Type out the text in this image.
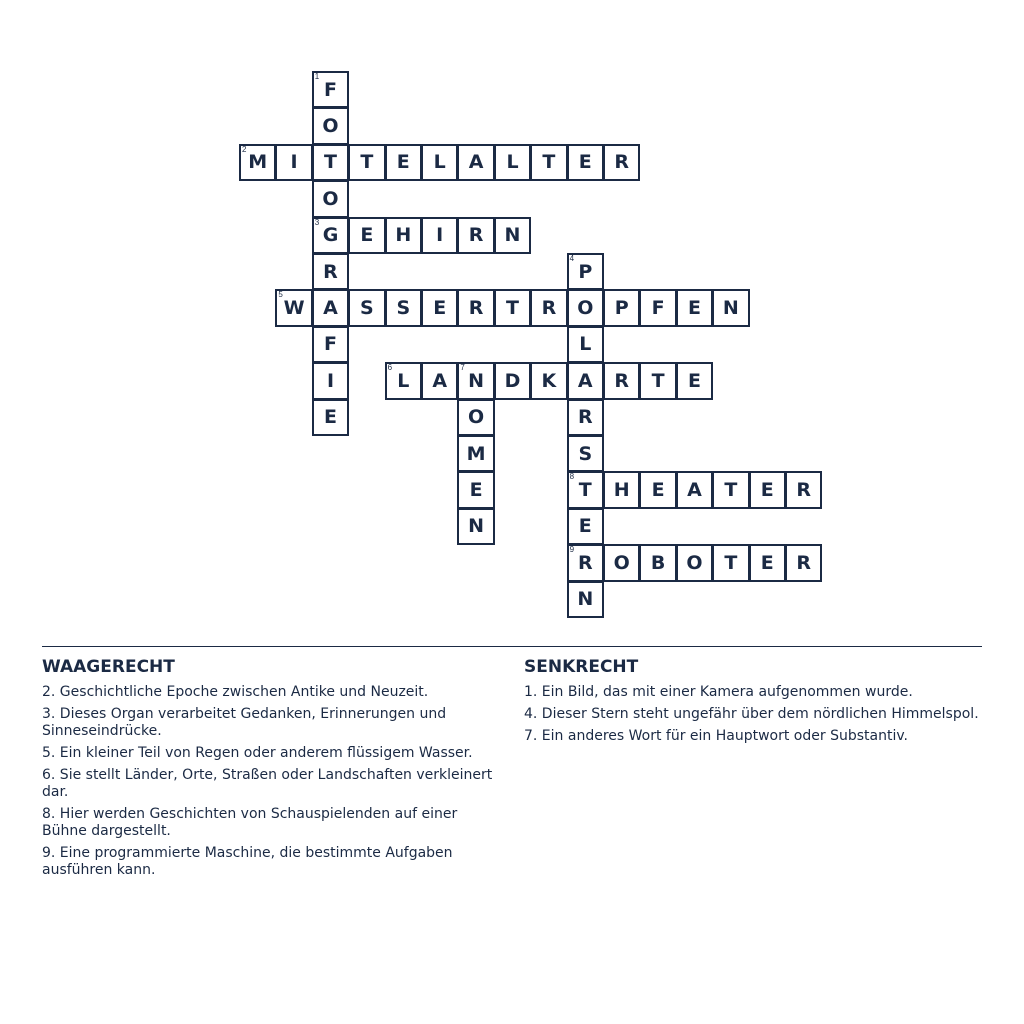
1
F
O
T
O
3
G
R
A
F
I
E
2
M	I	T	E	L	A	L	T	E	R
E	H	I	R	N
4
P
O
L
A
R
S
8
T
E
9
R
N
5
W	S	S	E	R	T	R	P	F	E	N
6
L	A
7
N	D	K	R	T	E
O
M
E
N
H	E	A	T	E	R
O	B	O	T	E	R
WAAGERECHT
2. Geschichtliche Epoche zwischen Antike und Neuzeit.
3. Dieses Organ verarbeitet Gedanken, Erinnerungen und Sinneseindrücke.
5. Ein kleiner Teil von Regen oder anderem flüssigem Wasser.
6. Sie stellt Länder, Orte, Straßen oder Landschaften verkleinert dar.
8. Hier werden Geschichten von Schauspielenden auf einer Bühne dargestellt.
9. Eine programmierte Maschine, die bestimmte Aufgaben ausführen kann.
SENKRECHT
1. Ein Bild, das mit einer Kamera aufgenommen wurde.
4. Dieser Stern steht ungefähr über dem nördlichen Himmelspol.
7. Ein anderes Wort für ein Hauptwort oder Substantiv.
